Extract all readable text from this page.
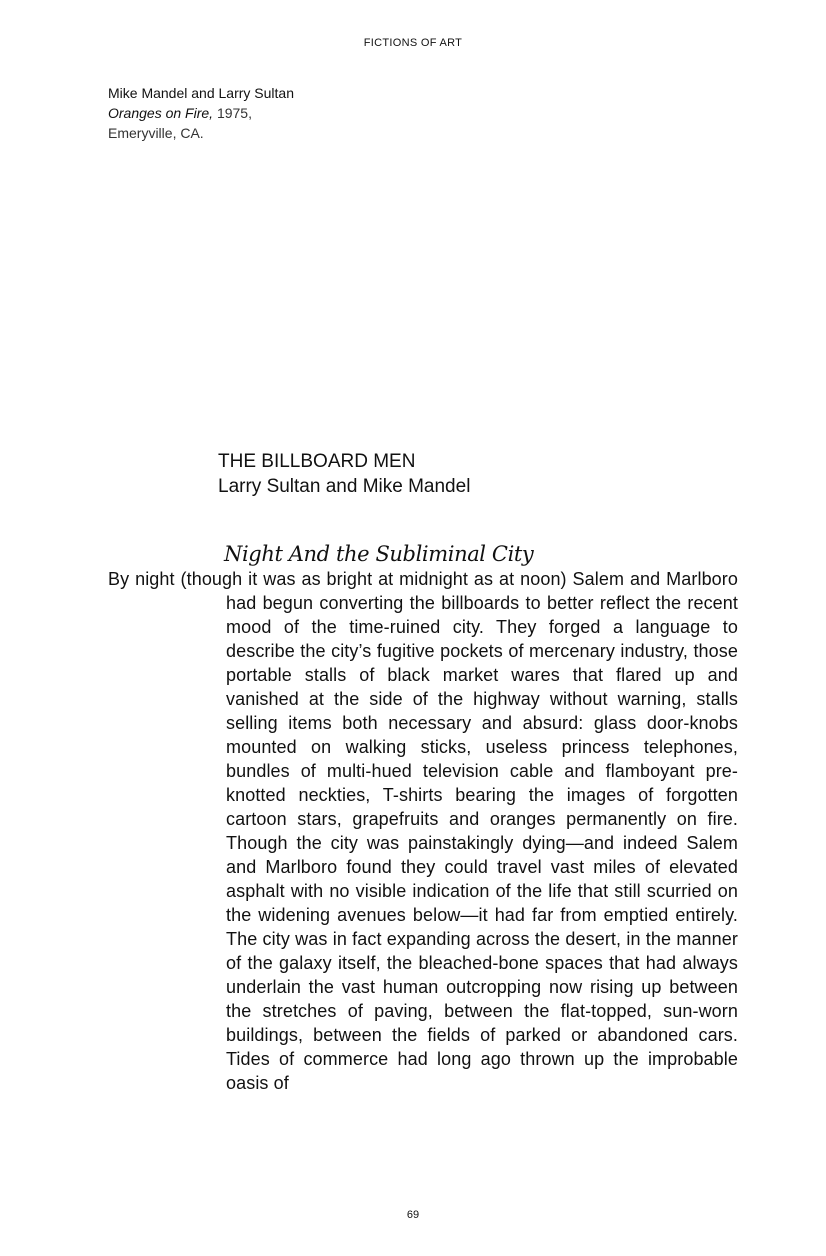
FICTIONS OF ART
Mike Mandel and Larry Sultan
Oranges on Fire, 1975,
Emeryville, CA.
THE BILLBOARD MEN
Larry Sultan and Mike Mandel
Night And the Subliminal City
By night (though it was as bright at midnight as at noon) Salem and Marlboro had begun converting the billboards to better reflect the recent mood of the time-ruined city. They forged a language to describe the city’s fugitive pockets of mercenary industry, those portable stalls of black market wares that flared up and vanished at the side of the highway without warning, stalls selling items both necessary and absurd: glass door-knobs mounted on walking sticks, useless princess telephones, bundles of multi-hued television cable and flamboyant pre-knotted neckties, T-shirts bearing the images of forgotten cartoon stars, grapefruits and oranges permanently on fire. Though the city was painstakingly dying—and indeed Salem and Marlboro found they could travel vast miles of elevated asphalt with no visible indication of the life that still scurried on the widening avenues below—it had far from emptied entirely. The city was in fact expanding across the desert, in the manner of the galaxy itself, the bleached-bone spaces that had always underlain the vast human outcropping now rising up between the stretches of paving, between the flat-topped, sun-worn buildings, between the fields of parked or abandoned cars. Tides of commerce had long ago thrown up the improbable oasis of
69
